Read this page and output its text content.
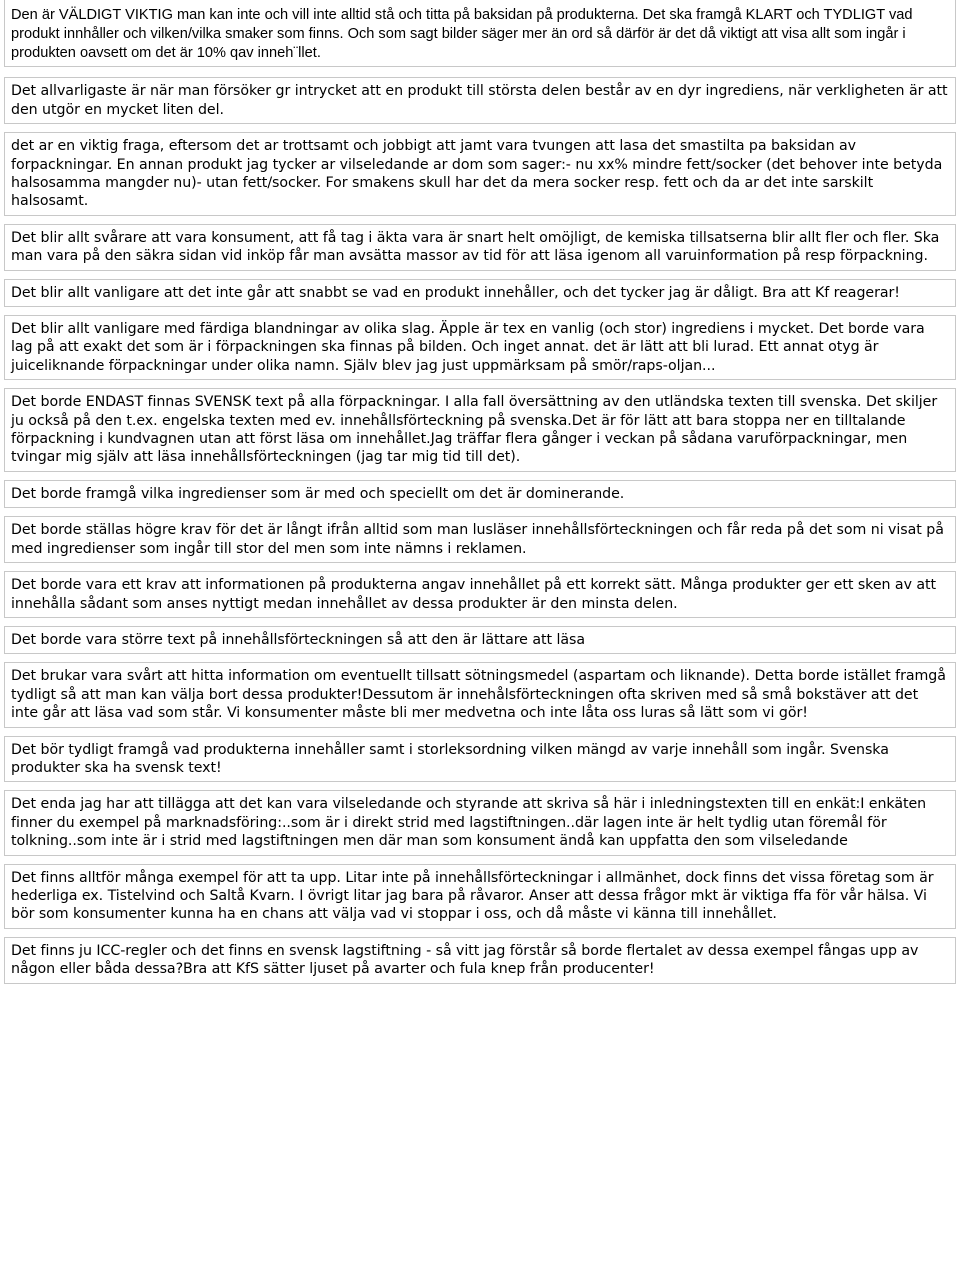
Den är VÄLDIGT VIKTIG man kan inte och vill inte alltid stå och titta på baksidan på produkterna. Det ska framgå KLART och TYDLIGT vad produkt innhåller och vilken/vilka smaker som finns. Och som sagt bilder säger mer än ord så därför är det då viktigt att visa allt som ingår i produkten oavsett om det är 10% qav inneh¨llet.

Det allvarligaste är när man försöker gr intrycket att en produkt till största delen består av en dyr ingrediens, när verkligheten är att den utgör en mycket liten del.

det ar en viktig fraga, eftersom det ar trottsamt och jobbigt att jamt vara tvungen att lasa det smastilta pa baksidan av forpackningar. En annan produkt jag tycker ar vilseledande ar dom som sager:- nu xx% mindre fett/socker (det behover inte betyda halsosamma mangder nu)- utan fett/socker. For smakens skull har det da mera socker resp. fett och da ar det inte sarskilt halsosamt.

Det blir allt svårare att vara konsument, att få tag i äkta vara är snart helt omöjligt, de kemiska tillsatserna blir allt fler och fler. Ska man vara på den säkra sidan vid inköp får man avsätta massor av tid för att läsa igenom all varuinformation på resp förpackning.

Det blir allt vanligare att det inte går att snabbt se vad en produkt innehåller, och det tycker jag är dåligt. Bra att Kf reagerar!

Det blir allt vanligare med färdiga blandningar av olika slag. Äpple är tex en vanlig (och stor) ingrediens i mycket. Det borde vara lag på att exakt det som är i förpackningen ska finnas på bilden. Och inget annat. det är lätt att bli lurad. Ett annat otyg är juiceliknande förpackningar under olika namn. Själv blev jag just uppmärksam på smör/raps-oljan...

Det borde ENDAST finnas SVENSK text på alla förpackningar. I alla fall översättning av den utländska texten till svenska. Det skiljer ju också på den t.ex. engelska texten med ev. innehållsförteckning på svenska.Det är för lätt att bara stoppa ner en tilltalande förpackning i kundvagnen utan att först läsa om innehållet.Jag träffar flera gånger i veckan på sådana varuförpackningar, men tvingar mig själv att läsa innehållsförteckningen (jag tar mig tid till det).

Det borde framgå vilka ingredienser som är med och speciellt om det är dominerande.

Det borde ställas högre krav för det är långt ifrån alltid som man lusläser innehållsförteckningen och får reda på det som ni visat på med ingredienser som ingår till stor del men som inte nämns i reklamen.

Det borde vara ett krav att informationen på produkterna angav innehållet på ett korrekt sätt. Många produkter ger ett sken av att innehålla sådant som anses nyttigt medan innehållet av dessa produkter är den minsta delen.

Det borde vara större text på innehållsförteckningen så att den är lättare att läsa

Det brukar vara svårt att hitta information om eventuellt tillsatt sötningsmedel (aspartam och liknande). Detta borde istället framgå tydligt så att man kan välja bort dessa produkter!Dessutom är innehålsförteckningen ofta skriven med så små bokstäver att det inte går att läsa vad som står. Vi konsumenter måste bli mer medvetna och inte låta oss luras så lätt som vi gör!

Det bör tydligt framgå vad produkterna innehåller samt i storleksordning vilken mängd av varje innehåll som ingår. Svenska produkter ska ha svensk text!

Det enda jag har att tillägga att det kan vara vilseledande och styrande att skriva så här i inledningstexten till en enkät:I enkäten finner du exempel på marknadsföring:..som är i direkt strid med lagstiftningen..där lagen inte är helt tydlig utan föremål för tolkning..som inte är i strid med lagstiftningen men där man som konsument ändå kan uppfatta den som vilseledande

Det finns alltför många exempel för att ta upp. Litar inte på innehållsförteckningar i allmänhet, dock finns det vissa företag som är hederliga ex. Tistelvind och Saltå Kvarn. I övrigt litar jag bara på råvaror. Anser att dessa frågor mkt är viktiga ffa för vår hälsa. Vi bör som konsumenter kunna ha en chans att välja vad vi stoppar i oss, och då måste vi känna till innehållet.

Det finns ju ICC-regler och det finns en svensk lagstiftning - så vitt jag förstår så borde flertalet av dessa exempel fångas upp av någon eller båda dessa?Bra att KfS sätter ljuset på avarter och fula knep från producenter!
